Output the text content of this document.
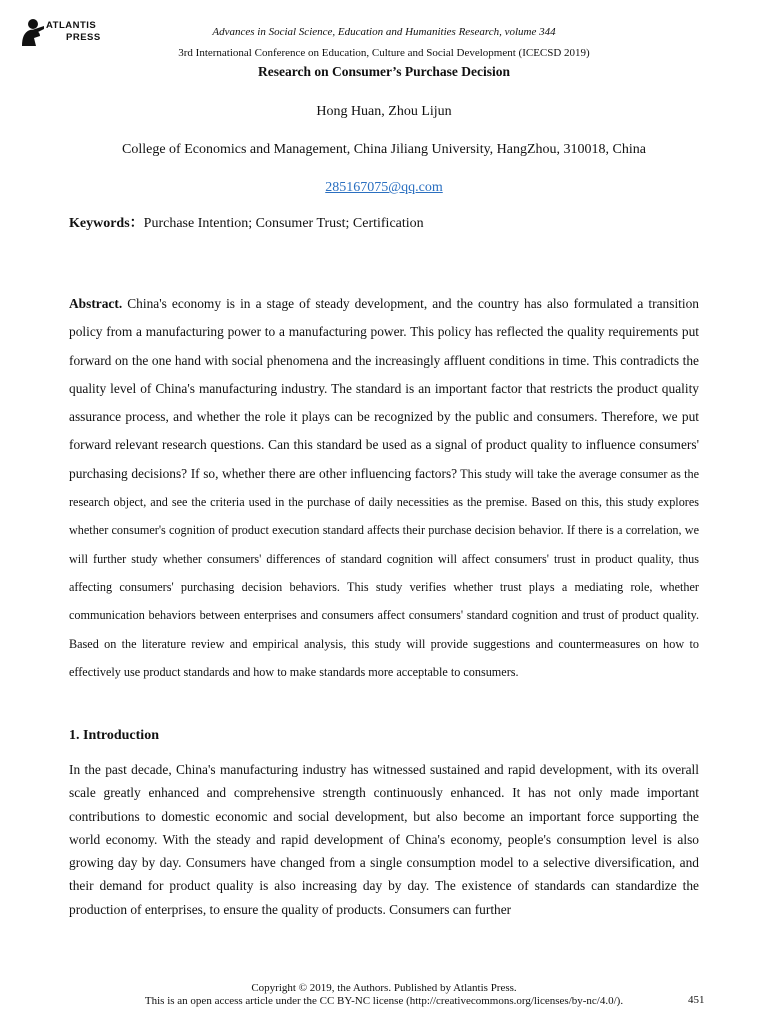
ATLANTIS
PRESS	Advances in Social Science, Education and Humanities Research, volume 344
3rd International Conference on Education, Culture and Social Development (ICECSD 2019)
Research on Consumer’s Purchase Decision
Hong Huan, Zhou Lijun
College of Economics and Management, China Jiliang University, HangZhou, 310018, China
285167075@qq.com
Keywords：Purchase Intention; Consumer Trust; Certification
Abstract. China's economy is in a stage of steady development, and the country has also formulated a transition policy from a manufacturing power to a manufacturing power. This policy has reflected the quality requirements put forward on the one hand with social phenomena and the increasingly affluent conditions in time. This contradicts the quality level of China's manufacturing industry. The standard is an important factor that restricts the product quality assurance process, and whether the role it plays can be recognized by the public and consumers. Therefore, we put forward relevant research questions. Can this standard be used as a signal of product quality to influence consumers' purchasing decisions? If so, whether there are other influencing factors? This study will take the average consumer as the research object, and see the criteria used in the purchase of daily necessities as the premise. Based on this, this study explores whether consumer's cognition of product execution standard affects their purchase decision behavior. If there is a correlation, we will further study whether consumers' differences of standard cognition will affect consumers' trust in product quality, thus affecting consumers' purchasing decision behaviors. This study verifies whether trust plays a mediating role, whether communication behaviors between enterprises and consumers affect consumers' standard cognition and trust of product quality. Based on the literature review and empirical analysis, this study will provide suggestions and countermeasures on how to effectively use product standards and how to make standards more acceptable to consumers.
1. Introduction
In the past decade, China's manufacturing industry has witnessed sustained and rapid development, with its overall scale greatly enhanced and comprehensive strength continuously enhanced. It has not only made important contributions to domestic economic and social development, but also become an important force supporting the world economy. With the steady and rapid development of China's economy, people's consumption level is also growing day by day. Consumers have changed from a single consumption model to a selective diversification, and their demand for product quality is also increasing day by day. The existence of standards can standardize the production of enterprises, to ensure the quality of products. Consumers can further
Copyright © 2019, the Authors. Published by Atlantis Press.
This is an open access article under the CC BY-NC license (http://creativecommons.org/licenses/by-nc/4.0/).	451
